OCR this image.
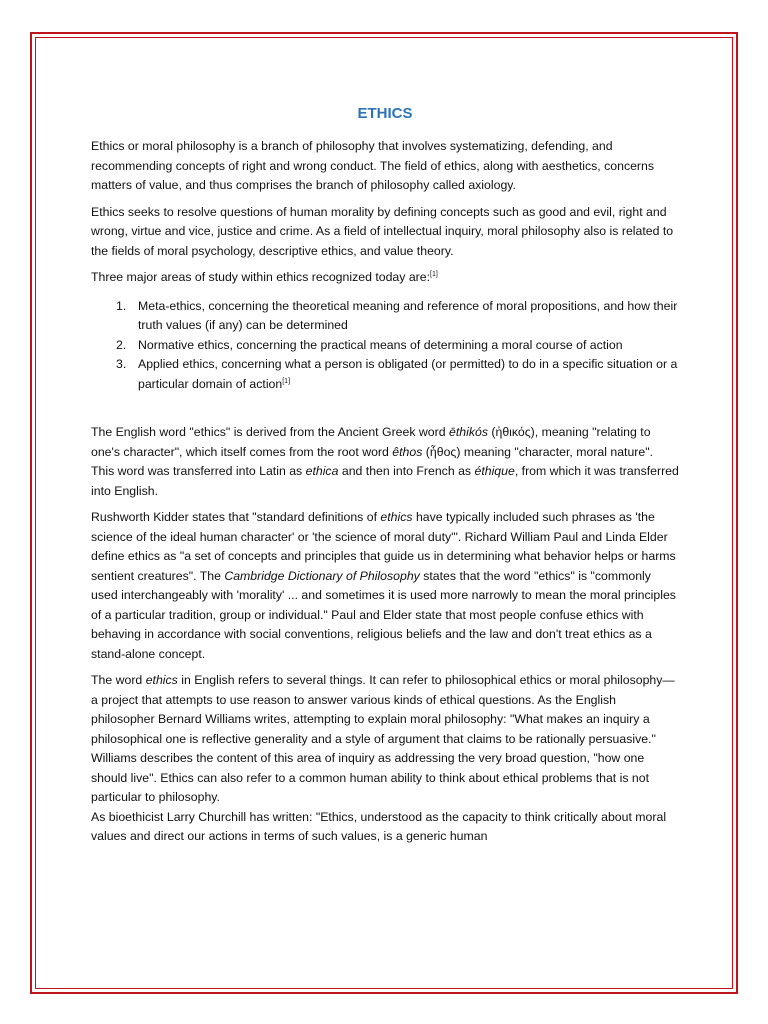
ETHICS

Ethics or moral philosophy is a branch of philosophy that involves systematizing, defending, and recommending concepts of right and wrong conduct. The field of ethics, along with aesthetics, concerns matters of value, and thus comprises the branch of philosophy called axiology.

Ethics seeks to resolve questions of human morality by defining concepts such as good and evil, right and wrong, virtue and vice, justice and crime. As a field of intellectual inquiry, moral philosophy also is related to the fields of moral psychology, descriptive ethics, and value theory.

Three major areas of study within ethics recognized today are:[1]

1. Meta-ethics, concerning the theoretical meaning and reference of moral propositions, and how their truth values (if any) can be determined
2. Normative ethics, concerning the practical means of determining a moral course of action
3. Applied ethics, concerning what a person is obligated (or permitted) to do in a specific situation or a particular domain of action[1]

The English word "ethics" is derived from the Ancient Greek word ēthikós (ἠθικός), meaning "relating to one's character", which itself comes from the root word êthos (ἦθος) meaning "character, moral nature". This word was transferred into Latin as ethica and then into French as éthique, from which it was transferred into English.

Rushworth Kidder states that "standard definitions of ethics have typically included such phrases as 'the science of the ideal human character' or 'the science of moral duty'". Richard William Paul and Linda Elder define ethics as "a set of concepts and principles that guide us in determining what behavior helps or harms sentient creatures". The Cambridge Dictionary of Philosophy states that the word "ethics" is "commonly used interchangeably with 'morality' ... and sometimes it is used more narrowly to mean the moral principles of a particular tradition, group or individual." Paul and Elder state that most people confuse ethics with behaving in accordance with social conventions, religious beliefs and the law and don't treat ethics as a stand-alone concept.

The word ethics in English refers to several things. It can refer to philosophical ethics or moral philosophy—a project that attempts to use reason to answer various kinds of ethical questions. As the English philosopher Bernard Williams writes, attempting to explain moral philosophy: "What makes an inquiry a philosophical one is reflective generality and a style of argument that claims to be rationally persuasive." Williams describes the content of this area of inquiry as addressing the very broad question, "how one should live". Ethics can also refer to a common human ability to think about ethical problems that is not particular to philosophy.

As bioethicist Larry Churchill has written: "Ethics, understood as the capacity to think critically about moral values and direct our actions in terms of such values, is a generic human
